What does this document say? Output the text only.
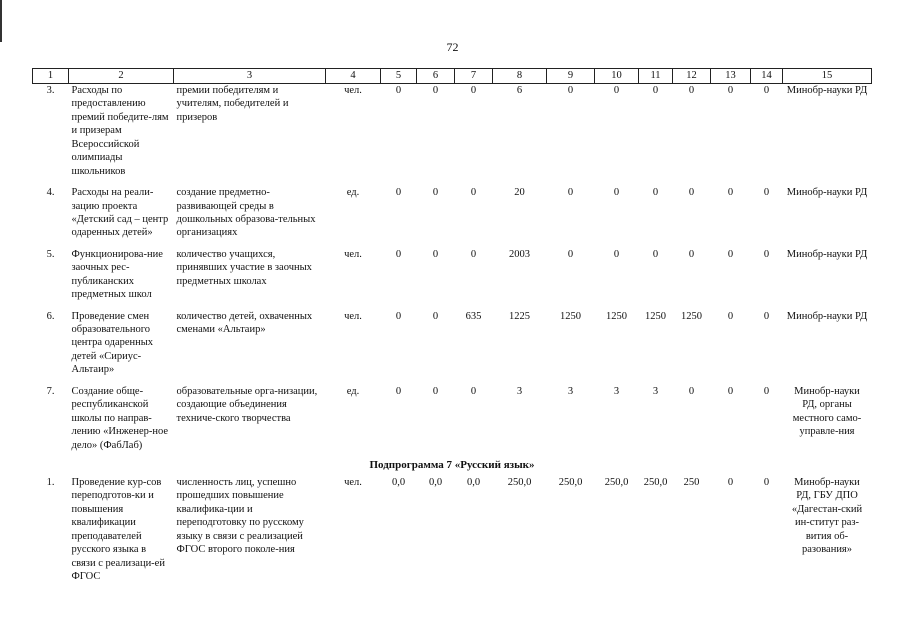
72
1	2	3	4	5	6	7	8	9	10	11	12	13	14	15
3.	Расходы по предоставлению премий победите-лям и призерам Всероссийской олимпиады школьников	премии победителям и учителям, победителей и призеров	чел.	0	0	0	6	0	0	0	0	0	0	Минобр-науки РД
4.	Расходы на реали-зацию проекта «Детский сад – центр одаренных детей»	создание предметно-развивающей среды в дошкольных образова-тельных организациях	ед.	0	0	0	20	0	0	0	0	0	0	Минобр-науки РД
5.	Функционирова-ние заочных рес-публиканских предметных школ	количество учащихся, принявших участие в заочных предметных школах	чел.	0	0	0	2003	0	0	0	0	0	0	Минобр-науки РД
6.	Проведение смен образовательного центра одаренных детей «Сириус-Альтаир»	количество детей, охваченных сменами «Альтаир»	чел.	0	0	635	1225	1250	1250	1250	1250	0	0	Минобр-науки РД
7.	Создание обще-республиканской школы по направ-лению «Инженер-ное дело» (ФабЛаб)	образовательные орга-низации, создающие объединения техниче-ского творчества	ед.	0	0	0	3	3	3	3	0	0	0	Минобр-науки РД, органы местного само-управле-ния
Подпрограмма 7 «Русский язык»														
1.	Проведение кур-сов переподготов-ки и повышения квалификации преподавателей русского языка в связи с реализаци-ей ФГОС	численность лиц, успешно прошедших повышение квалифика-ции и переподготовку по русскому языку в связи с реализацией ФГОС второго поколе-ния	чел.	0,0	0,0	0,0	250,0	250,0	250,0	250,0	250	0	0	Минобр-науки РД, ГБУ ДПО «Дагестан-ский ин-ститут раз-вития об-разования»
